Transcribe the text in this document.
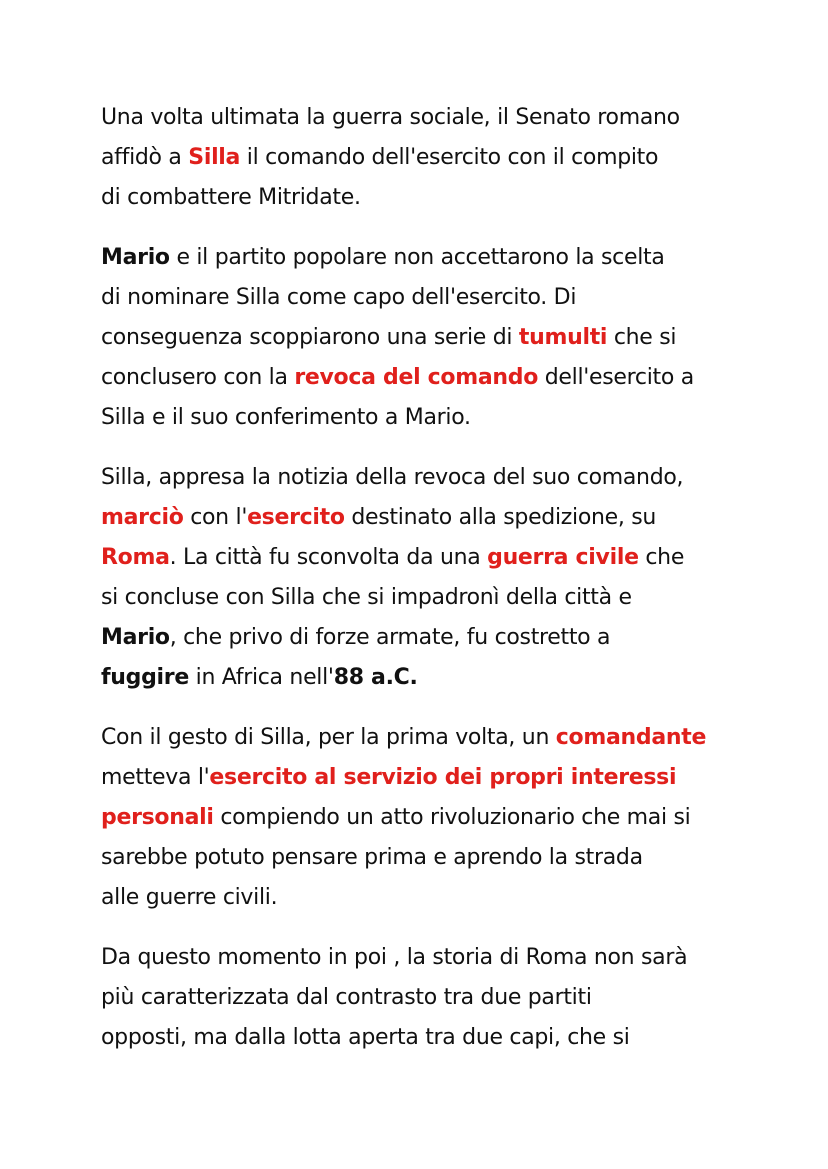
Una volta ultimata la guerra sociale, il Senato romano
affidò a Silla il comando dell'esercito con il compito
di combattere Mitridate.
Mario e il partito popolare non accettarono la scelta
di nominare Silla come capo dell'esercito. Di
conseguenza scoppiarono una serie di tumulti che si
conclusero con la revoca del comando dell'esercito a
Silla e il suo conferimento a Mario.
Silla, appresa la notizia della revoca del suo comando,
marciò con l'esercito destinato alla spedizione, su
Roma. La città fu sconvolta da una guerra civile che
si concluse con Silla che si impadronì della città e
Mario, che privo di forze armate, fu costretto a
fuggire in Africa nell'88 a.C.
Con il gesto di Silla, per la prima volta, un comandante
metteva l'esercito al servizio dei propri interessi
personali compiendo un atto rivoluzionario che mai si
sarebbe potuto pensare prima e aprendo la strada
alle guerre civili.
Da questo momento in poi , la storia di Roma non sarà
più caratterizzata dal contrasto tra due partiti
opposti, ma dalla lotta aperta tra due capi, che si
